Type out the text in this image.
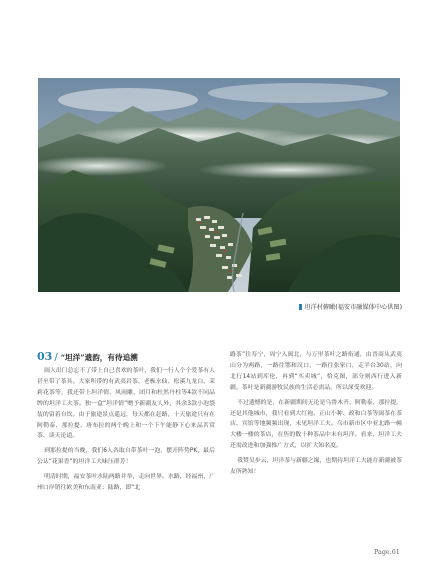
坦洋村俯瞰(福安市融媒体中心供图)
03 / “坦洋”遗韵，有待追溯

闽人出门总忘不了带上自己喜欢的茶叶，我们一行人个个爱茶有人甚至带了茶具。大家所带的有武夷岩茶、老枞水仙、松溪九龙白、茉莉花茶等，我还带上坦洋情、风雨雕、团月和杜然丹柱等4款不同品牌的坦洋工夫茶。独一盒“坦洋情”赠予新疆友人外，其余3款小泡袋装的留着自饮。由于旅途景点遥远，每天都在赶路，十天旅途只有在阿勒泰、那拉提、唐布拉的两个晚上和一个下午能静下心来品茗赏茶、谈天论道。

到那拉提的当晚，我们6人各取自带茶叶一泡，摆开阵势PK，最后公认“花果香”的坦洋工夫味压群芳！

明清时期，福安茶叶水陆两路并举，走向世界。水路，经福州、广州口岸销往欧美和东南亚；陆路，即“北

路茶”往寿宁，周宁入闽北，与万里茶叶之路衔通，由晋商从武夷山分为两路，一路往鄂和汉口，一路往张家口，走羊台30站，向北行14站到库伦，再到“买卖城”，恰克图，部分则西行进入新疆。茶叶是新疆游牧民族的生活必需品，所以深受欢迎。

不过遗憾的是，在新疆期间无论是乌鲁木齐、阿勒泰、那拉提，还是其他城市，我只看到大红袍、正山小种、政和白茶等闽茶在茶店、宾馆等地频频出现，未见坦洋工夫。乌市新市区中亚北路一幢大楼一楼的茶店，在售的数十种茶品中未有坦洋。看来，坦洋工夫还需改进和加强推广方式，以扩大知名度。

我赞吴步云，坦洋茶与新疆之缘，也期待坦洋工夫能在新疆被茶友所熟知！

Page.61
